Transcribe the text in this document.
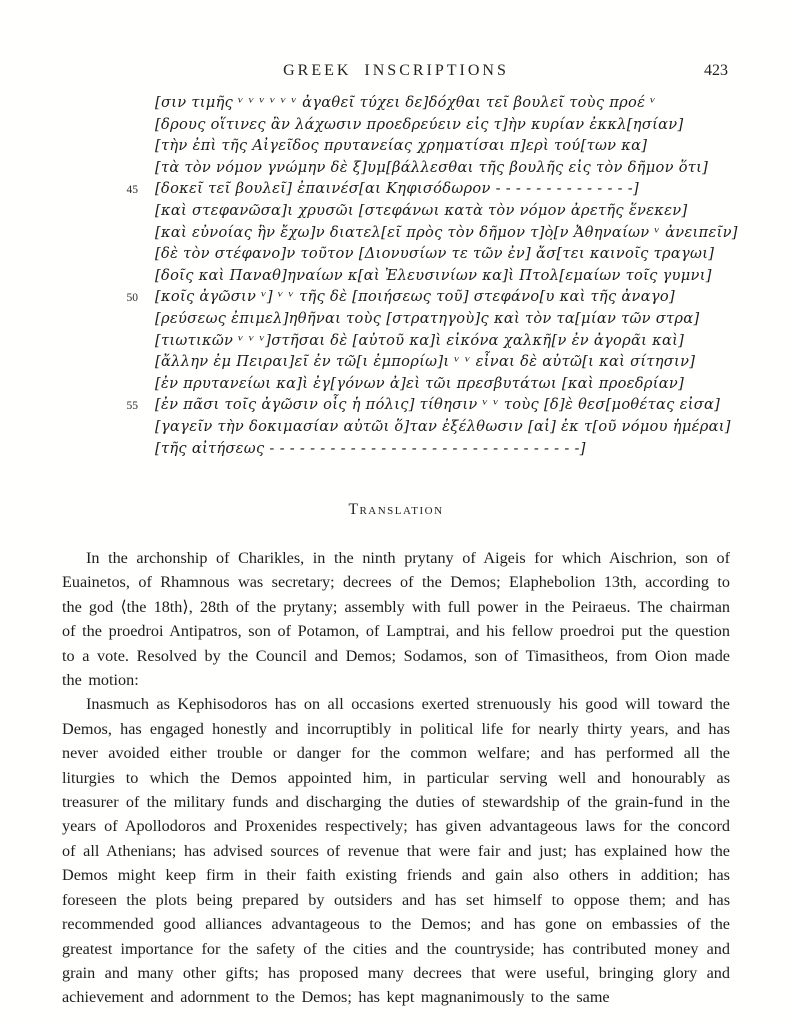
GREEK INSCRIPTIONS	423
[σιν τιμῆς ᵛ ᵛ ᵛ ᵛ ᵛ ᵛ ἀγαθεῖ τύχει δε]δόχθαι τεῖ βουλεῖ τοὺς προέ ᵛ
[δρους οἵτινες ἂν λάχωσιν προεδρεύειν εἰς τ]ὴν κυρίαν ἐκκλ[ησίαν]
[τὴν ἐπὶ τῆς Αἰγεῖδος πρυτανείας χρηματίσαι π]ερὶ τού[των κα]
[τὰ τὸν νόμον γνώμην δὲ ξ]υμ[βάλλεσθαι τῆς βουλῆς εἰς τὸν δῆμον ὅτι]
45	[δοκεῖ τεῖ βουλεῖ] ἐπαινέσ[αι Κη̣φισόδωρον - - - - - - - - - - - - - -]
[καὶ στεφανῶσα]ι χρυσῶι [στεφάνωι κατὰ τὸν νόμον ἀρετῆς ἕνεκεν]
[καὶ εὐνοίας ἣν ἔχω]ν διατελ[εῖ πρὸς τὸν δῆμον τ]ὸ̣[ν Ἀθηναίων ᵛ ἀνειπεῖν]
[δὲ τὸν στέφανο]ν τοῦτον [Διονυσίων τε τῶν ἐν] ἄσ[τει καινοῖς τραγωι]
[δοῖς καὶ Παναθ]ηναίων κ[αὶ Ἐλευσινίων κα]ὶ Πτολ[εμαίων τοῖς γυμνι]
50	[κοῖς ἀγῶσιν ᵛ] ᵛ ᵛ τῆς δὲ [ποιήσεως τοῦ] στεφάνο[υ καὶ τῆς ἀναγο]
[ρεύσεως ἐπιμελ]ηθῆναι τοὺς [στρατηγοὺ]ς καὶ τὸν τα[μίαν τῶν στρα]
[τιωτικῶν ᵛ ᵛ ᵛ]στῆσαι δὲ [αὐτοῦ κα]ὶ εἰκόνα χαλκῆ[ν ἐν ἀγορᾶι καὶ]
[ἄλλην ἐμ Πειραι]εῖ ἐν τῶ[ι ἐμπορίω]ι ᵛ ᵛ εἶναι δὲ αὐτῶ[ι καὶ σίτησιν]
[ἐν πρυτανείωι κα]ὶ ἐγ[γόνων ἀ]εὶ τῶι πρεσβυτάτωι [καὶ προεδρίαν]
55	[ἐν πᾶσι τοῖς ἀγῶσιν οἷς ἡ πόλις] τίθη̣σιν ᵛ ᵛ τοὺς [δ]ὲ θεσ[μοθέτας εἰσα]
[γαγεῖν τὴν δοκιμασίαν αὐτῶι ὅ]ταν ἐξέλθωσιν [αἱ] ἐκ τ[οῦ νόμου ἡμέραι]
[τῆς αἰτήσεως - - - - - - - - - - - - - - - - - - - - - - - - - - - - - - -]
Translation

In the archonship of Charikles, in the ninth prytany of Aigeis for which Aischrion, son of Euainetos, of Rhamnous was secretary; decrees of the Demos; Elaphebolion 13th, according to the god ⟨the 18th⟩, 28th of the prytany; assembly with full power in the Peiraeus. The chairman of the proedroi Antipatros, son of Potamon, of Lamptrai, and his fellow proedroi put the question to a vote. Resolved by the Council and Demos; Sodamos, son of Timasitheos, from Oion made the motion:

Inasmuch as Kephisodoros has on all occasions exerted strenuously his good will toward the Demos, has engaged honestly and incorruptibly in political life for nearly thirty years, and has never avoided either trouble or danger for the common welfare; and has performed all the liturgies to which the Demos appointed him, in particular serving well and honourably as treasurer of the military funds and discharging the duties of stewardship of the grain-fund in the years of Apollodoros and Proxenides respectively; has given advantageous laws for the concord of all Athenians; has advised sources of revenue that were fair and just; has explained how the Demos might keep firm in their faith existing friends and gain also others in addition; has foreseen the plots being prepared by outsiders and has set himself to oppose them; and has recommended good alliances advantageous to the Demos; and has gone on embassies of the greatest importance for the safety of the cities and the countryside; has contributed money and grain and many other gifts; has proposed many decrees that were useful, bringing glory and achievement and adornment to the Demos; has kept magnanimously to the same
